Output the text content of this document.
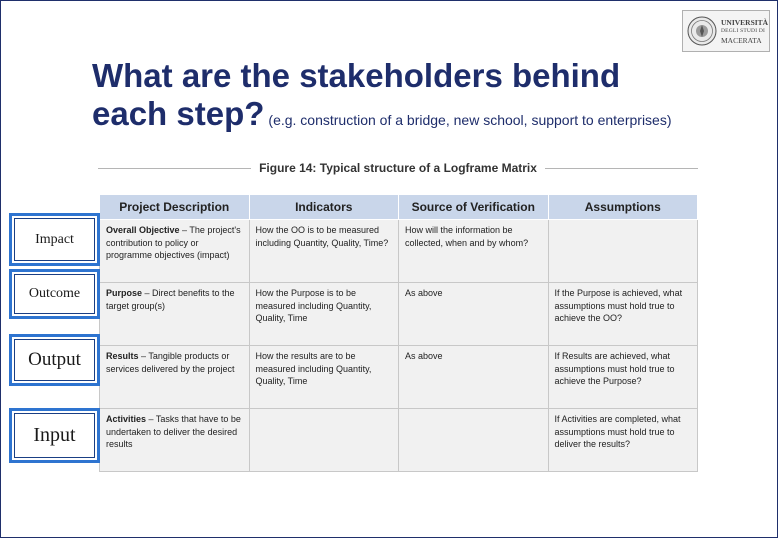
UNIVERSITÀ
DEGLI STUDI DI
MACERATA
What are the stakeholders behind
each step? (e.g. construction of a bridge, new school, support to enterprises)
Figure 14: Typical structure of a Logframe Matrix
Project Description	Indicators	Source of Verification	Assumptions
Overall Objective – The project's contribution to policy or programme objectives (impact)	How the OO is to be measured including Quantity, Quality, Time?	How will the information be collected, when and by whom?	
Purpose – Direct benefits to the target group(s)	How the Purpose is to be measured including Quantity, Quality, Time	As above	If the Purpose is achieved, what assumptions must hold true to achieve the OO?
Results – Tangible products or services delivered by the project	How the results are to be measured including Quantity, Quality, Time	As above	If Results are achieved, what assumptions must hold true to achieve the Purpose?
Activities – Tasks that have to be undertaken to deliver the desired results			If Activities are completed, what assumptions must hold true to deliver the results?
Impact
Outcome
Output
Input
